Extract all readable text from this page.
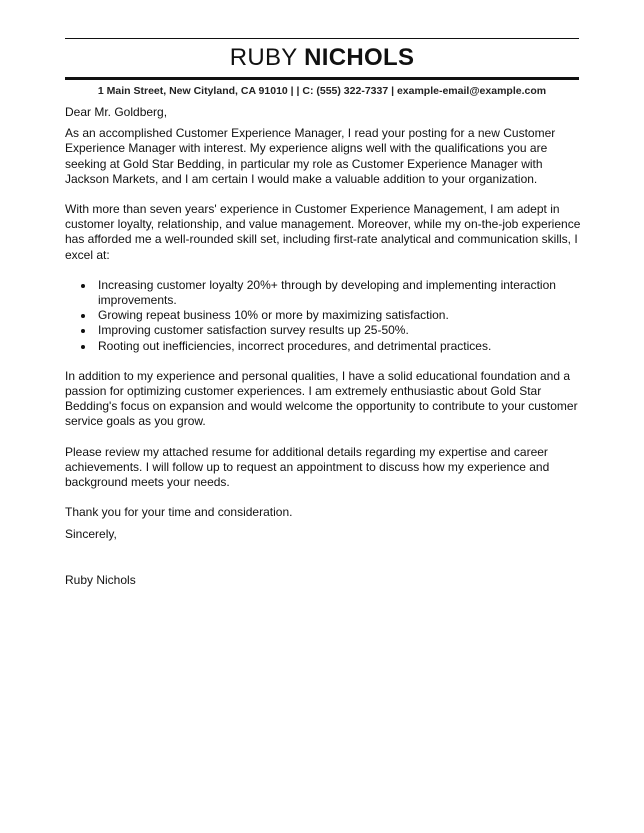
RUBY NICHOLS
1 Main Street, New Cityland, CA 91010 | | C: (555) 322-7337 | example-email@example.com

Dear Mr. Goldberg,

As an accomplished Customer Experience Manager, I read your posting for a new Customer Experience Manager with interest. My experience aligns well with the qualifications you are seeking at Gold Star Bedding, in particular my role as Customer Experience Manager with Jackson Markets, and I am certain I would make a valuable addition to your organization.

With more than seven years' experience in Customer Experience Management, I am adept in customer loyalty, relationship, and value management. Moreover, while my on-the-job experience has afforded me a well-rounded skill set, including first-rate analytical and communication skills, I excel at:

Increasing customer loyalty 20%+ through by developing and implementing interaction improvements.
Growing repeat business 10% or more by maximizing satisfaction.
Improving customer satisfaction survey results up 25-50%.
Rooting out inefficiencies, incorrect procedures, and detrimental practices.

In addition to my experience and personal qualities, I have a solid educational foundation and a passion for optimizing customer experiences. I am extremely enthusiastic about Gold Star Bedding's focus on expansion and would welcome the opportunity to contribute to your customer service goals as you grow.

Please review my attached resume for additional details regarding my expertise and career achievements. I will follow up to request an appointment to discuss how my experience and background meets your needs.

Thank you for your time and consideration.

Sincerely,

Ruby Nichols
